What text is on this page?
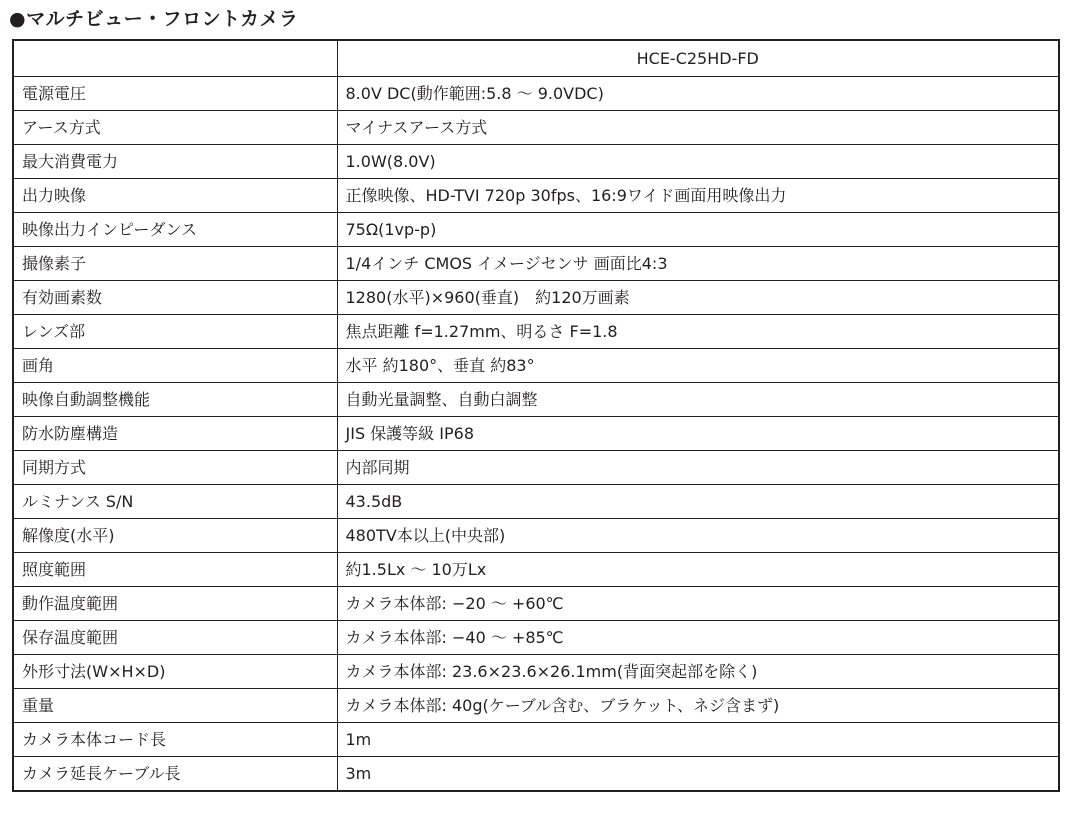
●マルチビュー・フロントカメラ
	HCE-C25HD-FD
電源電圧	8.0V DC(動作範囲:5.8 〜 9.0VDC)
アース方式	マイナスアース方式
最大消費電力	1.0W(8.0V)
出力映像	正像映像、HD-TVI 720p 30fps、16:9ワイド画面用映像出力
映像出力インピーダンス	75Ω(1vp-p)
撮像素子	1/4インチ CMOS イメージセンサ 画面比4:3
有効画素数	1280(水平)×960(垂直)　約120万画素
レンズ部	焦点距離 f=1.27mm、明るさ F=1.8
画角	水平 約180°、垂直 約83°
映像自動調整機能	自動光量調整、自動白調整
防水防塵構造	JIS 保護等級 IP68
同期方式	内部同期
ルミナンス S/N	43.5dB
解像度(水平)	480TV本以上(中央部)
照度範囲	約1.5Lx 〜 10万Lx
動作温度範囲	カメラ本体部: −20 〜 +60℃
保存温度範囲	カメラ本体部: −40 〜 +85℃
外形寸法(W×H×D)	カメラ本体部: 23.6×23.6×26.1mm(背面突起部を除く)
重量	カメラ本体部: 40g(ケーブル含む、ブラケット、ネジ含まず)
カメラ本体コード長	1m
カメラ延長ケーブル長	3m
